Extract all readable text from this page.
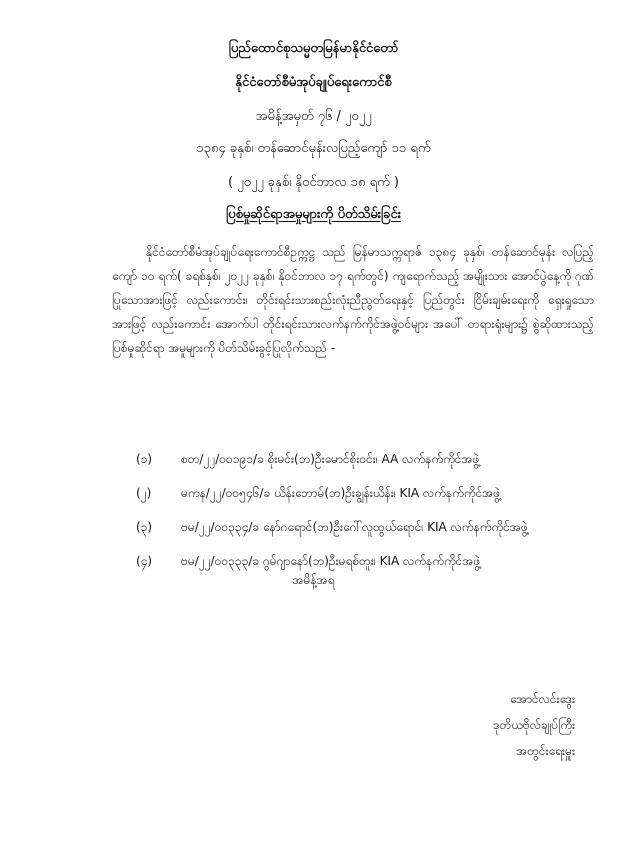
ပြည်ထောင်စုသမ္မတမြန်မာနိုင်ငံတော်
နိုင်ငံတော်စီမံအုပ်ချုပ်ရေးကောင်စီ
အမိန့်အမှတ် ၇၆ / ၂၀၂၂
၁၃၈၄ ခုနှစ်၊ တန်ဆောင်မုန်းလပြည့်ကျော် ၁၁ ရက်
( ၂၀၂၂ ခုနှစ်၊ နိုဝင်ဘာလ ၁၈ ရက် )
ပြစ်မှုဆိုင်ရာအမှုများကို ပိတ်သိမ်းခြင်း
နိုင်ငံတော်စီမံအုပ်ချုပ်ရေးကောင်စီဥက္ကဋ္ဌ သည် မြန်မာသက္ကရာဇ် ၁၃၈၄ ခုနှစ်၊ တန်ဆောင်မုန်း လပြည့်ကျော် ၁၀ ရက်( ခရစ်နှစ်၊ ၂၀၂၂ ခုနှစ်၊ နိုဝင်ဘာလ ၁၇ ရက်တွင်) ကျရောက်သည့် အမျိုးသား အောင်ပွဲနေ့ကို ဂုဏ်ပြုသောအားဖြင့် လည်းကောင်း၊ တိုင်းရင်းသားစည်းလုံးညီညွတ်ရေးနှင့် ပြည်တွင်း ငြိမ်းချမ်းရေးကို ရှေးရှုသောအားဖြင့် လည်းကောင်း အောက်ပါ တိုင်းရင်းသားလက်နက်ကိုင်အဖွဲ့ဝင်များ အပေါ် တရားရုံးများ၌ စွဲဆိုထားသည့် ပြစ်မှုဆိုင်ရာ အမှုများကို ပိတ်သိမ်းခွင့်ပြုလိုက်သည် -
(၁)	စတ/၂၂/၀၀၁၉၁/ခ စိုးမင်း(ဘ)ဦးမောင်စိုးဝင်း၊ AA လက်နက်ကိုင်အဖွဲ့
(၂)	မကန/၂၂/၀၀၅၄၆/ခ ယိန်းဘောမ်(ဘ)ဦးချွန်းယိန်း၊ KIA လက်နက်ကိုင်အဖွဲ့
(၃)	ဗမ/၂၂/၀၀၃၃၄/ခ နော်ဂရောင်(ဘ)ဦးဂေါ်လူထွယ်ရောင်၊ KIA လက်နက်ကိုင်အဖွဲ့
(၄)	ဗမ/၂၂/၀၀၃၃၃/ခ ဂွမ်ဂျာနော်(ဘ)ဦးမရစ်တူး၊ KIA လက်နက်ကိုင်အဖွဲ့
အမိန့်အရ
အောင်လင်းဒွေး
ဒုတိယဗိုလ်ချုပ်ကြီး
အတွင်းရေးမှူး
